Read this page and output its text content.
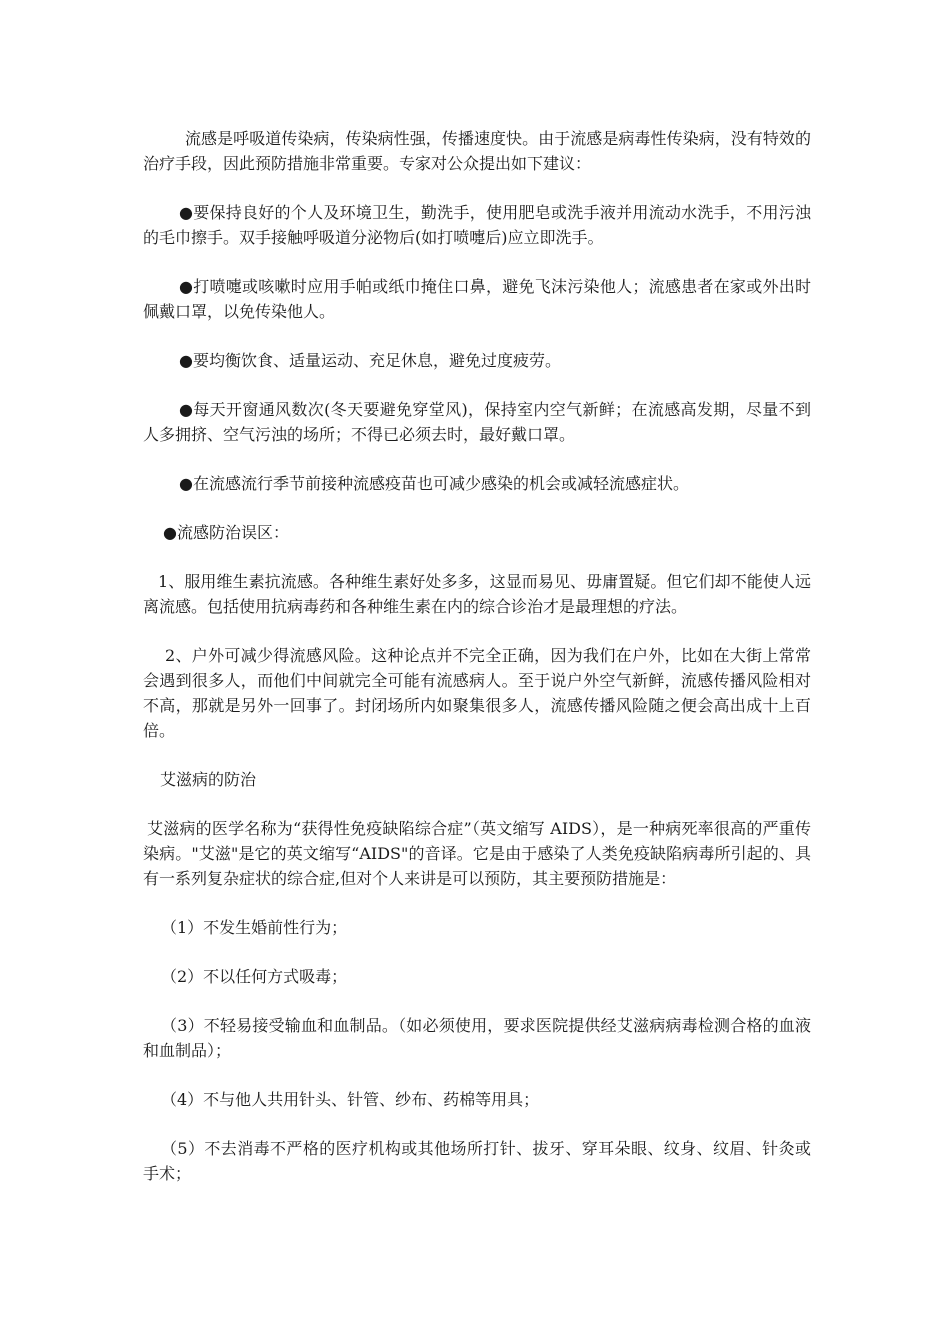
流感是呼吸道传染病，传染病性强，传播速度快。由于流感是病毒性传染病，没有特效的治疗手段，因此预防措施非常重要。专家对公众提出如下建议：

●要保持良好的个人及环境卫生，勤洗手，使用肥皂或洗手液并用流动水洗手，不用污浊的毛巾擦手。双手接触呼吸道分泌物后(如打喷嚏后)应立即洗手。

●打喷嚏或咳嗽时应用手帕或纸巾掩住口鼻，避免飞沫污染他人；流感患者在家或外出时佩戴口罩，以免传染他人。

●要均衡饮食、适量运动、充足休息，避免过度疲劳。

●每天开窗通风数次(冬天要避免穿堂风)，保持室内空气新鲜；在流感高发期，尽量不到人多拥挤、空气污浊的场所；不得已必须去时，最好戴口罩。

●在流感流行季节前接种流感疫苗也可减少感染的机会或减轻流感症状。

●流感防治误区：

1、服用维生素抗流感。各种维生素好处多多，这显而易见、毋庸置疑。但它们却不能使人远离流感。包括使用抗病毒药和各种维生素在内的综合诊治才是最理想的疗法。

2、户外可减少得流感风险。这种论点并不完全正确，因为我们在户外，比如在大街上常常会遇到很多人，而他们中间就完全可能有流感病人。至于说户外空气新鲜，流感传播风险相对不高，那就是另外一回事了。封闭场所内如聚集很多人，流感传播风险随之便会高出成十上百倍。

艾滋病的防治

艾滋病的医学名称为“获得性免疫缺陷综合症”（英文缩写 AIDS），是一种病死率很高的严重传染病。"艾滋"是它的英文缩写“AIDS"的音译。它是由于感染了人类免疫缺陷病毒所引起的、具有一系列复杂症状的综合症,但对个人来讲是可以预防，其主要预防措施是：

（1）不发生婚前性行为；

（2）不以任何方式吸毒；

（3）不轻易接受输血和血制品。（如必须使用，要求医院提供经艾滋病病毒检测合格的血液和血制品）；

（4）不与他人共用针头、针管、纱布、药棉等用具；

（5）不去消毒不严格的医疗机构或其他场所打针、拔牙、穿耳朵眼、纹身、纹眉、针灸或手术；
